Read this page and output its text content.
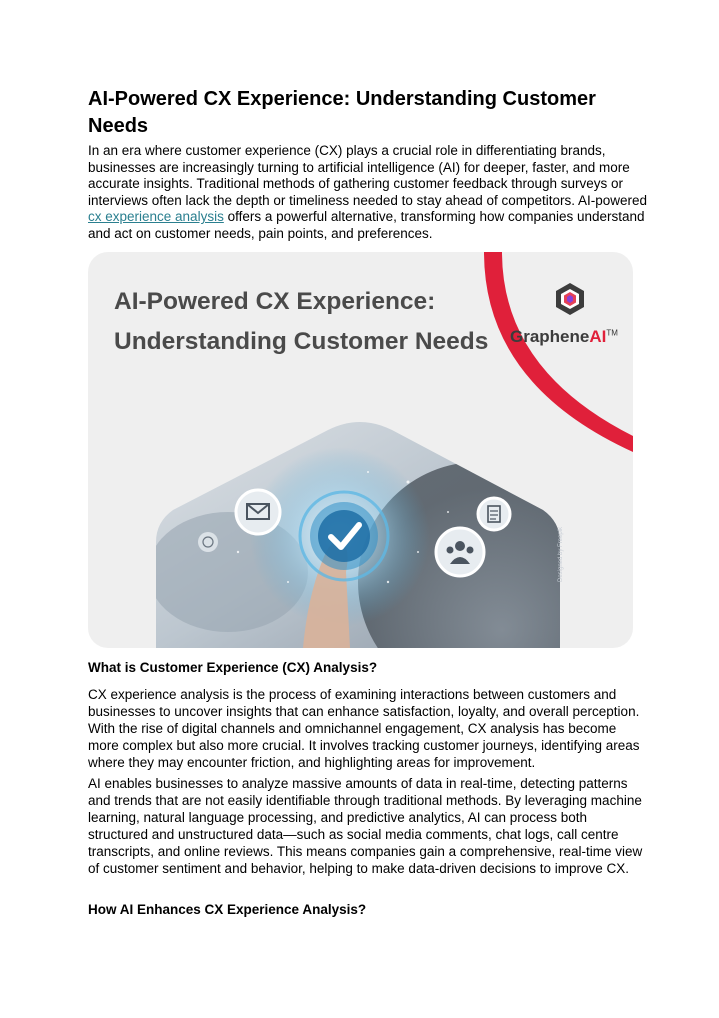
AI-Powered CX Experience: Understanding Customer Needs

In an era where customer experience (CX) plays a crucial role in differentiating brands, businesses are increasingly turning to artificial intelligence (AI) for deeper, faster, and more accurate insights. Traditional methods of gathering customer feedback through surveys or interviews often lack the depth or timeliness needed to stay ahead of competitors. AI-powered cx experience analysis offers a powerful alternative, transforming how companies understand and act on customer needs, pain points, and preferences.

AI-Powered CX Experience: Understanding Customer Needs	GrapheneAI™
Designed by Freepik
What is Customer Experience (CX) Analysis?

CX experience analysis is the process of examining interactions between customers and businesses to uncover insights that can enhance satisfaction, loyalty, and overall perception. With the rise of digital channels and omnichannel engagement, CX analysis has become more complex but also more crucial. It involves tracking customer journeys, identifying areas where they may encounter friction, and highlighting areas for improvement.

AI enables businesses to analyze massive amounts of data in real-time, detecting patterns and trends that are not easily identifiable through traditional methods. By leveraging machine learning, natural language processing, and predictive analytics, AI can process both structured and unstructured data—such as social media comments, chat logs, call centre transcripts, and online reviews. This means companies gain a comprehensive, real-time view of customer sentiment and behavior, helping to make data-driven decisions to improve CX.

How AI Enhances CX Experience Analysis?
